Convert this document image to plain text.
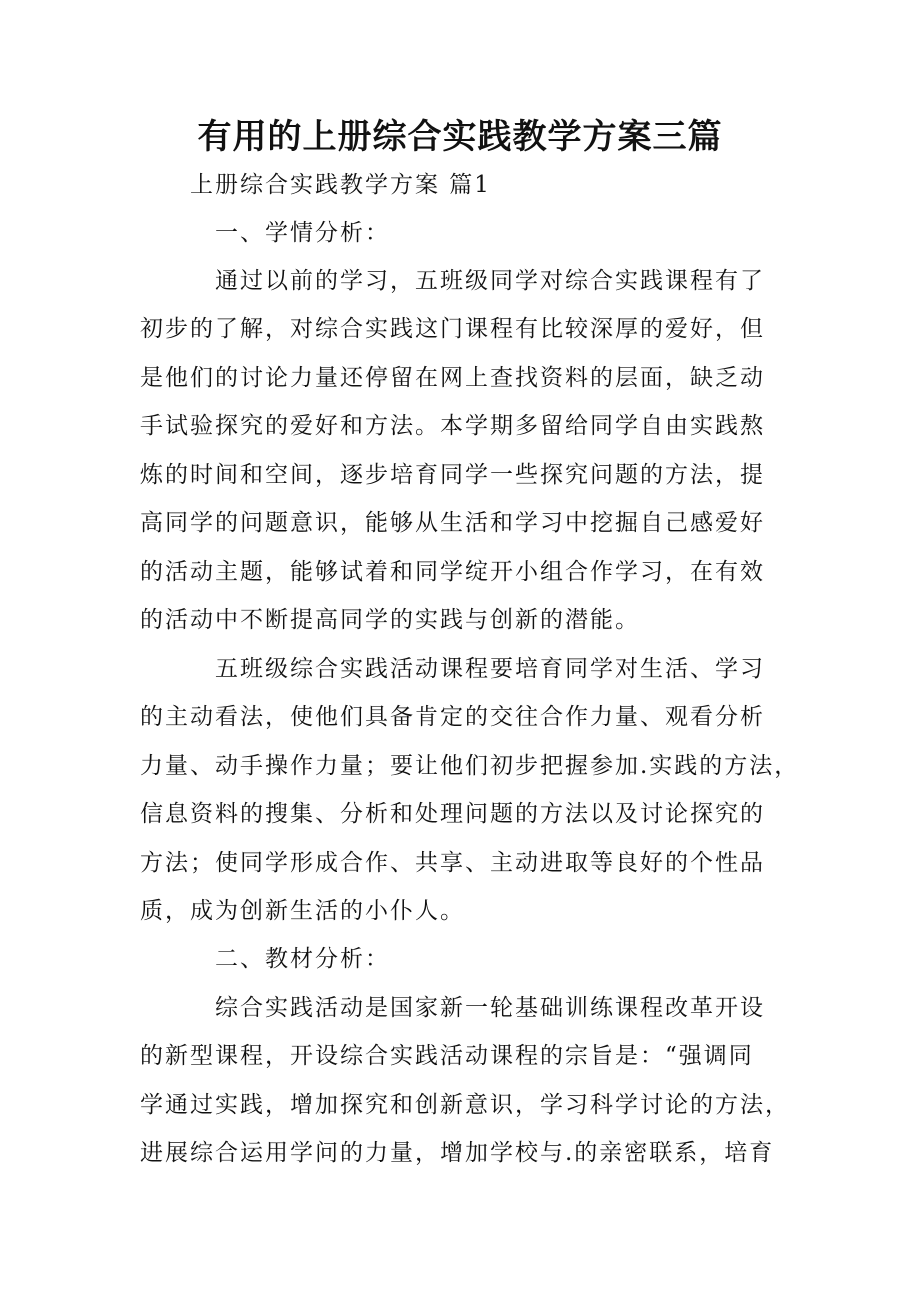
有用的上册综合实践教学方案三篇
上册综合实践教学方案 篇1
一、学情分析：
通过以前的学习，五班级同学对综合实践课程有了
初步的了解，对综合实践这门课程有比较深厚的爱好，但
是他们的讨论力量还停留在网上查找资料的层面，缺乏动
手试验探究的爱好和方法。本学期多留给同学自由实践熬
炼的时间和空间，逐步培育同学一些探究问题的方法，提
高同学的问题意识，能够从生活和学习中挖掘自己感爱好
的活动主题，能够试着和同学绽开小组合作学习，在有效
的活动中不断提高同学的实践与创新的潜能。
五班级综合实践活动课程要培育同学对生活、学习
的主动看法，使他们具备肯定的交往合作力量、观看分析
力量、动手操作力量；要让他们初步把握参加.实践的方法，
信息资料的搜集、分析和处理问题的方法以及讨论探究的
方法；使同学形成合作、共享、主动进取等良好的个性品
质，成为创新生活的小仆人。
二、教材分析：
综合实践活动是国家新一轮基础训练课程改革开设
的新型课程，开设综合实践活动课程的宗旨是：“强调同
学通过实践，增加探究和创新意识，学习科学讨论的方法，
进展综合运用学问的力量，增加学校与.的亲密联系，培育
